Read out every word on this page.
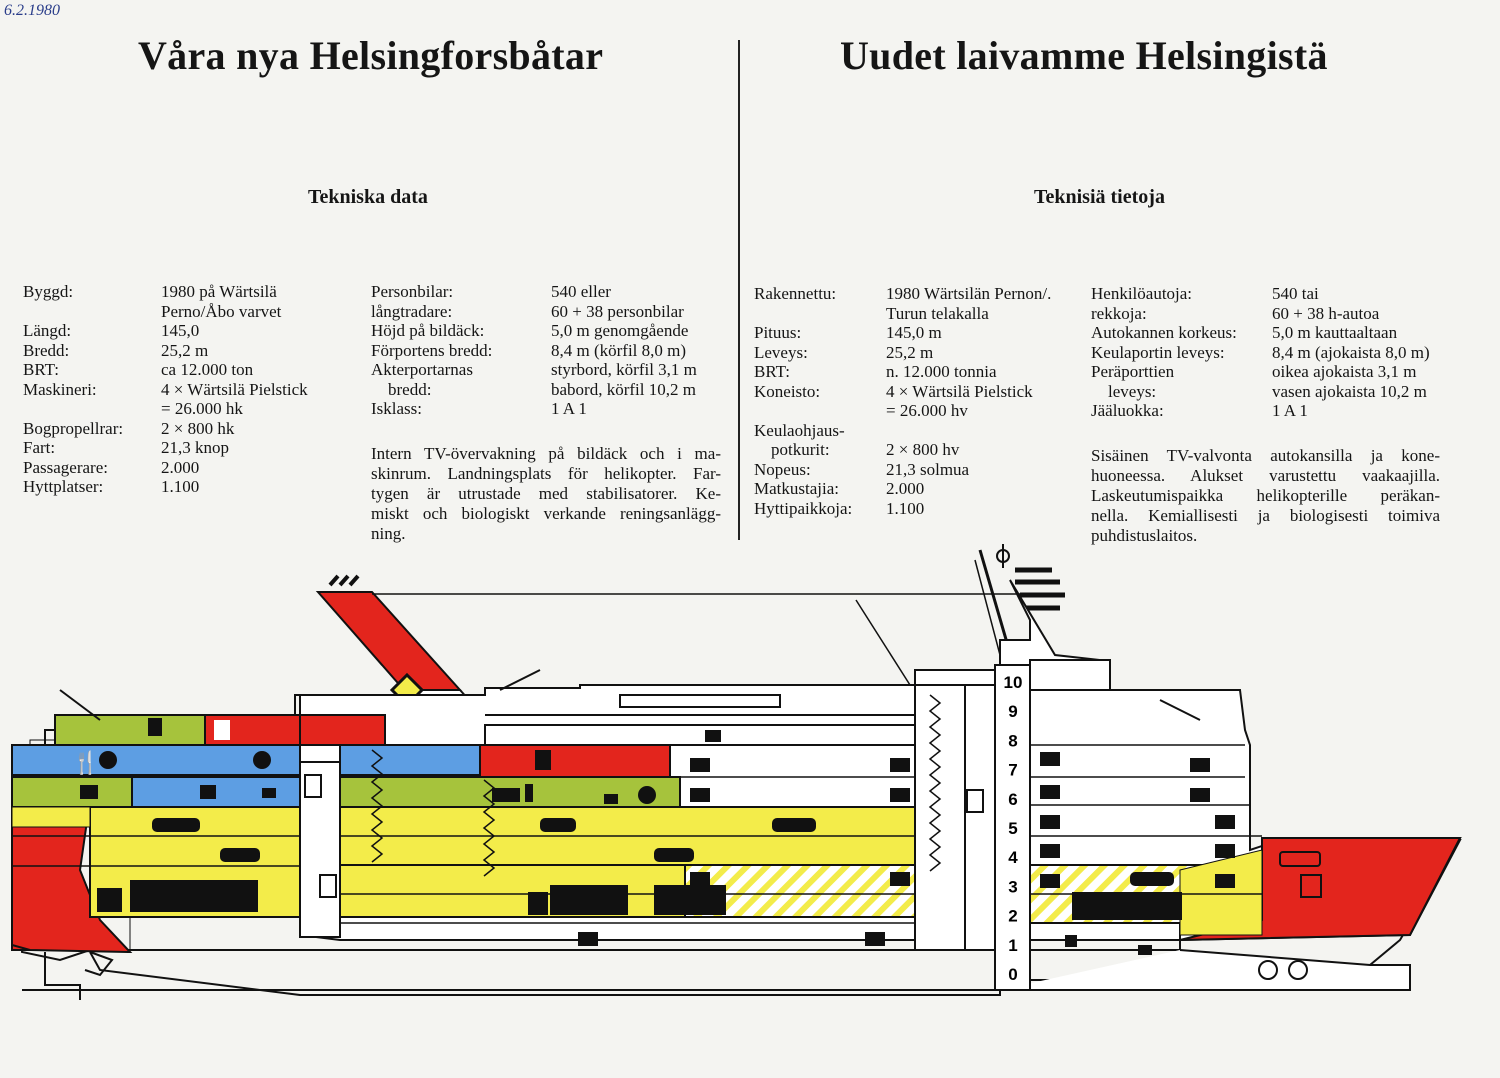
6.2.1980
Våra nya Helsingforsbåtar	Uudet laivamme Helsingistä
Tekniska data	Teknisiä tietoja
Byggd:	1980 på Wärtsilä
Perno/Åbo varvet
Längd:	145,0
Bredd:	25,2 m
BRT:	ca 12.000 ton
Maskineri:	4 × Wärtsilä Pielstick
= 26.000 hk
Bogpropellrar:	2 × 800 hk
Fart:	21,3 knop
Passagerare:	2.000
Hyttplatser:	1.100
Personbilar:	540 eller
långtradare:	60 + 38 personbilar
Höjd på bildäck:	5,0 m genomgående
Förportens bredd:	8,4 m (körfil 8,0 m)
Akterportarnas	styrbord, körfil 3,1 m
bredd:	babord, körfil 10,2 m
Isklass:	1 A 1
Intern TV-övervakning på bildäck och i ma-
skinrum. Landningsplats för helikopter. Far-
tygen är utrustade med stabilisatorer. Ke-
miskt och biologiskt verkande reningsanlägg-
ning.
Rakennettu:	1980 Wärtsilän Pernon/.
Turun telakalla
Pituus:	145,0 m
Leveys:	25,2 m
BRT:	n. 12.000 tonnia
Koneisto:	4 × Wärtsilä Pielstick
= 26.000 hv
Keulaohjaus-
potkurit:	2 × 800 hv
Nopeus:	21,3 solmua
Matkustajia:	2.000
Hyttipaikkoja:	1.100
Henkilöautoja:	540 tai
rekkoja:	60 + 38 h-autoa
Autokannen korkeus:	5,0 m kauttaaltaan
Keulaportin leveys:	8,4 m (ajokaista 8,0 m)
Peräporttien	oikea ajokaista 3,1 m
leveys:	vasen ajokaista 10,2 m
Jääluokka:	1 A 1
Sisäinen TV-valvonta autokansilla ja kone-
huoneessa. Alukset varustettu vaakaajilla.
Laskeutumispaikka helikopterille peräkan-
nella. Kemiallisesti ja biologisesti toimiva
puhdistuslaitos.
10
9
8
7
6
5
4
3
2
1
0
🍴
